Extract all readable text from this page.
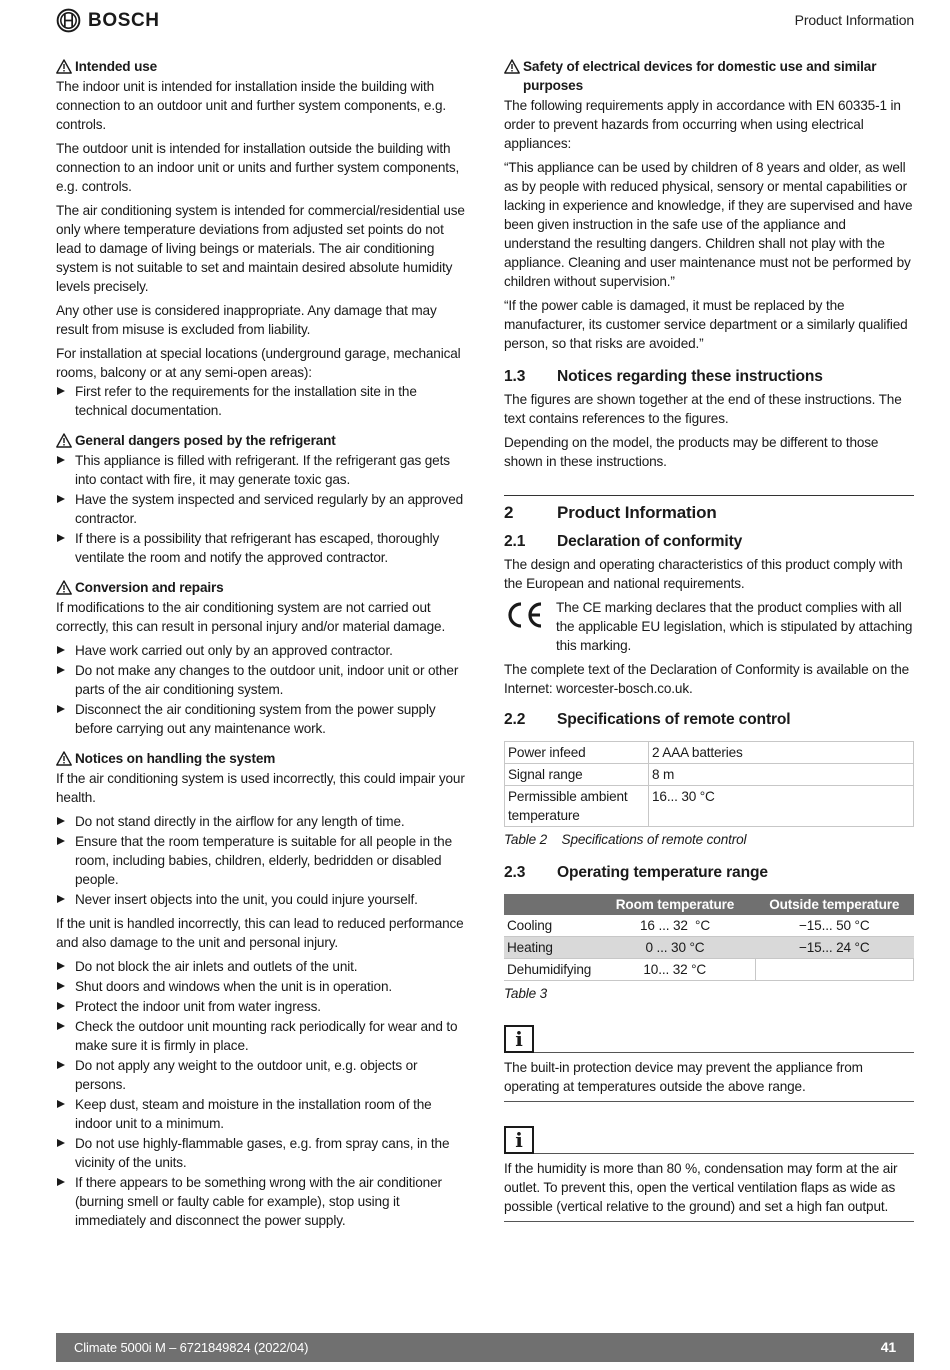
BOSCH	Product Information
Intended use

The indoor unit is intended for installation inside the building with connection to an outdoor unit and further system components, e.g. controls.

The outdoor unit is intended for installation outside the building with connection to an indoor unit or units and further system components, e.g. controls.

The air conditioning system is intended for commercial/residential use only where temperature deviations from adjusted set points do not lead to damage of living beings or materials. The air conditioning system is not suitable to set and maintain desired absolute humidity levels precisely.

Any other use is considered inappropriate. Any damage that may result from misuse is excluded from liability.

For installation at special locations (underground garage, mechanical rooms, balcony or at any semi-open areas):

First refer to the requirements for the installation site in the technical documentation.
General dangers posed by the refrigerant
This appliance is filled with refrigerant. If the refrigerant gas gets into contact with fire, it may generate toxic gas.
Have the system inspected and serviced regularly by an approved contractor.
If there is a possibility that refrigerant has escaped, thoroughly ventilate the room and notify the approved contractor.
Conversion and repairs

If modifications to the air conditioning system are not carried out correctly, this can result in personal injury and/or material damage.

Have work carried out only by an approved contractor.
Do not make any changes to the outdoor unit, indoor unit or other parts of the air conditioning system.
Disconnect the air conditioning system from the power supply before carrying out any maintenance work.
Notices on handling the system

If the air conditioning system is used incorrectly, this could impair your health.

Do not stand directly in the airflow for any length of time.
Ensure that the room temperature is suitable for all people in the room, including babies, children, elderly, bedridden or disabled people.
Never insert objects into the unit, you could injure yourself.

If the unit is handled incorrectly, this can lead to reduced performance and also damage to the unit and personal injury.

Do not block the air inlets and outlets of the unit.
Shut doors and windows when the unit is in operation.
Protect the indoor unit from water ingress.
Check the outdoor unit mounting rack periodically for wear and to make sure it is firmly in place.
Do not apply any weight to the outdoor unit, e.g. objects or persons.
Keep dust, steam and moisture in the installation room of the indoor unit to a minimum.
Do not use highly-flammable gases, e.g. from spray cans, in the vicinity of the units.
If there appears to be something wrong with the air conditioner (burning smell or faulty cable for example), stop using it immediately and disconnect the power supply.
Safety of electrical devices for domestic use and similar purposes

The following requirements apply in accordance with EN 60335-1 in order to prevent hazards from occurring when using electrical appliances:

“This appliance can be used by children of 8 years and older, as well as by people with reduced physical, sensory or mental capabilities or lacking in experience and knowledge, if they are supervised and have been given instruction in the safe use of the appliance and understand the resulting dangers. Children shall not play with the appliance. Cleaning and user maintenance must not be performed by children without supervision.”

“If the power cable is damaged, it must be replaced by the manufacturer, its customer service department or a similarly qualified person, so that risks are avoided.”

1.3	Notices regarding these instructions

The figures are shown together at the end of these instructions. The text contains references to the figures.

Depending on the model, the products may be different to those shown in these instructions.

2	Product Information
2.1	Declaration of conformity

The design and operating characteristics of this product comply with the European and national requirements.

The CE marking declares that the product complies with all the applicable EU legislation, which is stipulated by attaching this marking.

The complete text of the Declaration of Conformity is available on the Internet: worcester-bosch.co.uk.

2.2	Specifications of remote control
Power infeed	2 AAA batteries
Signal range	8 m
Permissible ambient temperature	16... 30 °C
Table 2    Specifications of remote control
2.3	Operating temperature range
	Room temperature	Outside temperature
Cooling	16 ... 32  °C	−15... 50 °C
Heating	0 ... 30 °C	−15... 24 °C
Dehumidifying	10... 32 °C	
Table 3
i
The built-in protection device may prevent the appliance from operating at temperatures outside the above range.
i
If the humidity is more than 80 %, condensation may form at the air outlet. To prevent this, open the vertical ventilation flaps as wide as possible (vertical relative to the ground) and set a high fan output.
Climate 5000i M – 6721849824 (2022/04)	41
